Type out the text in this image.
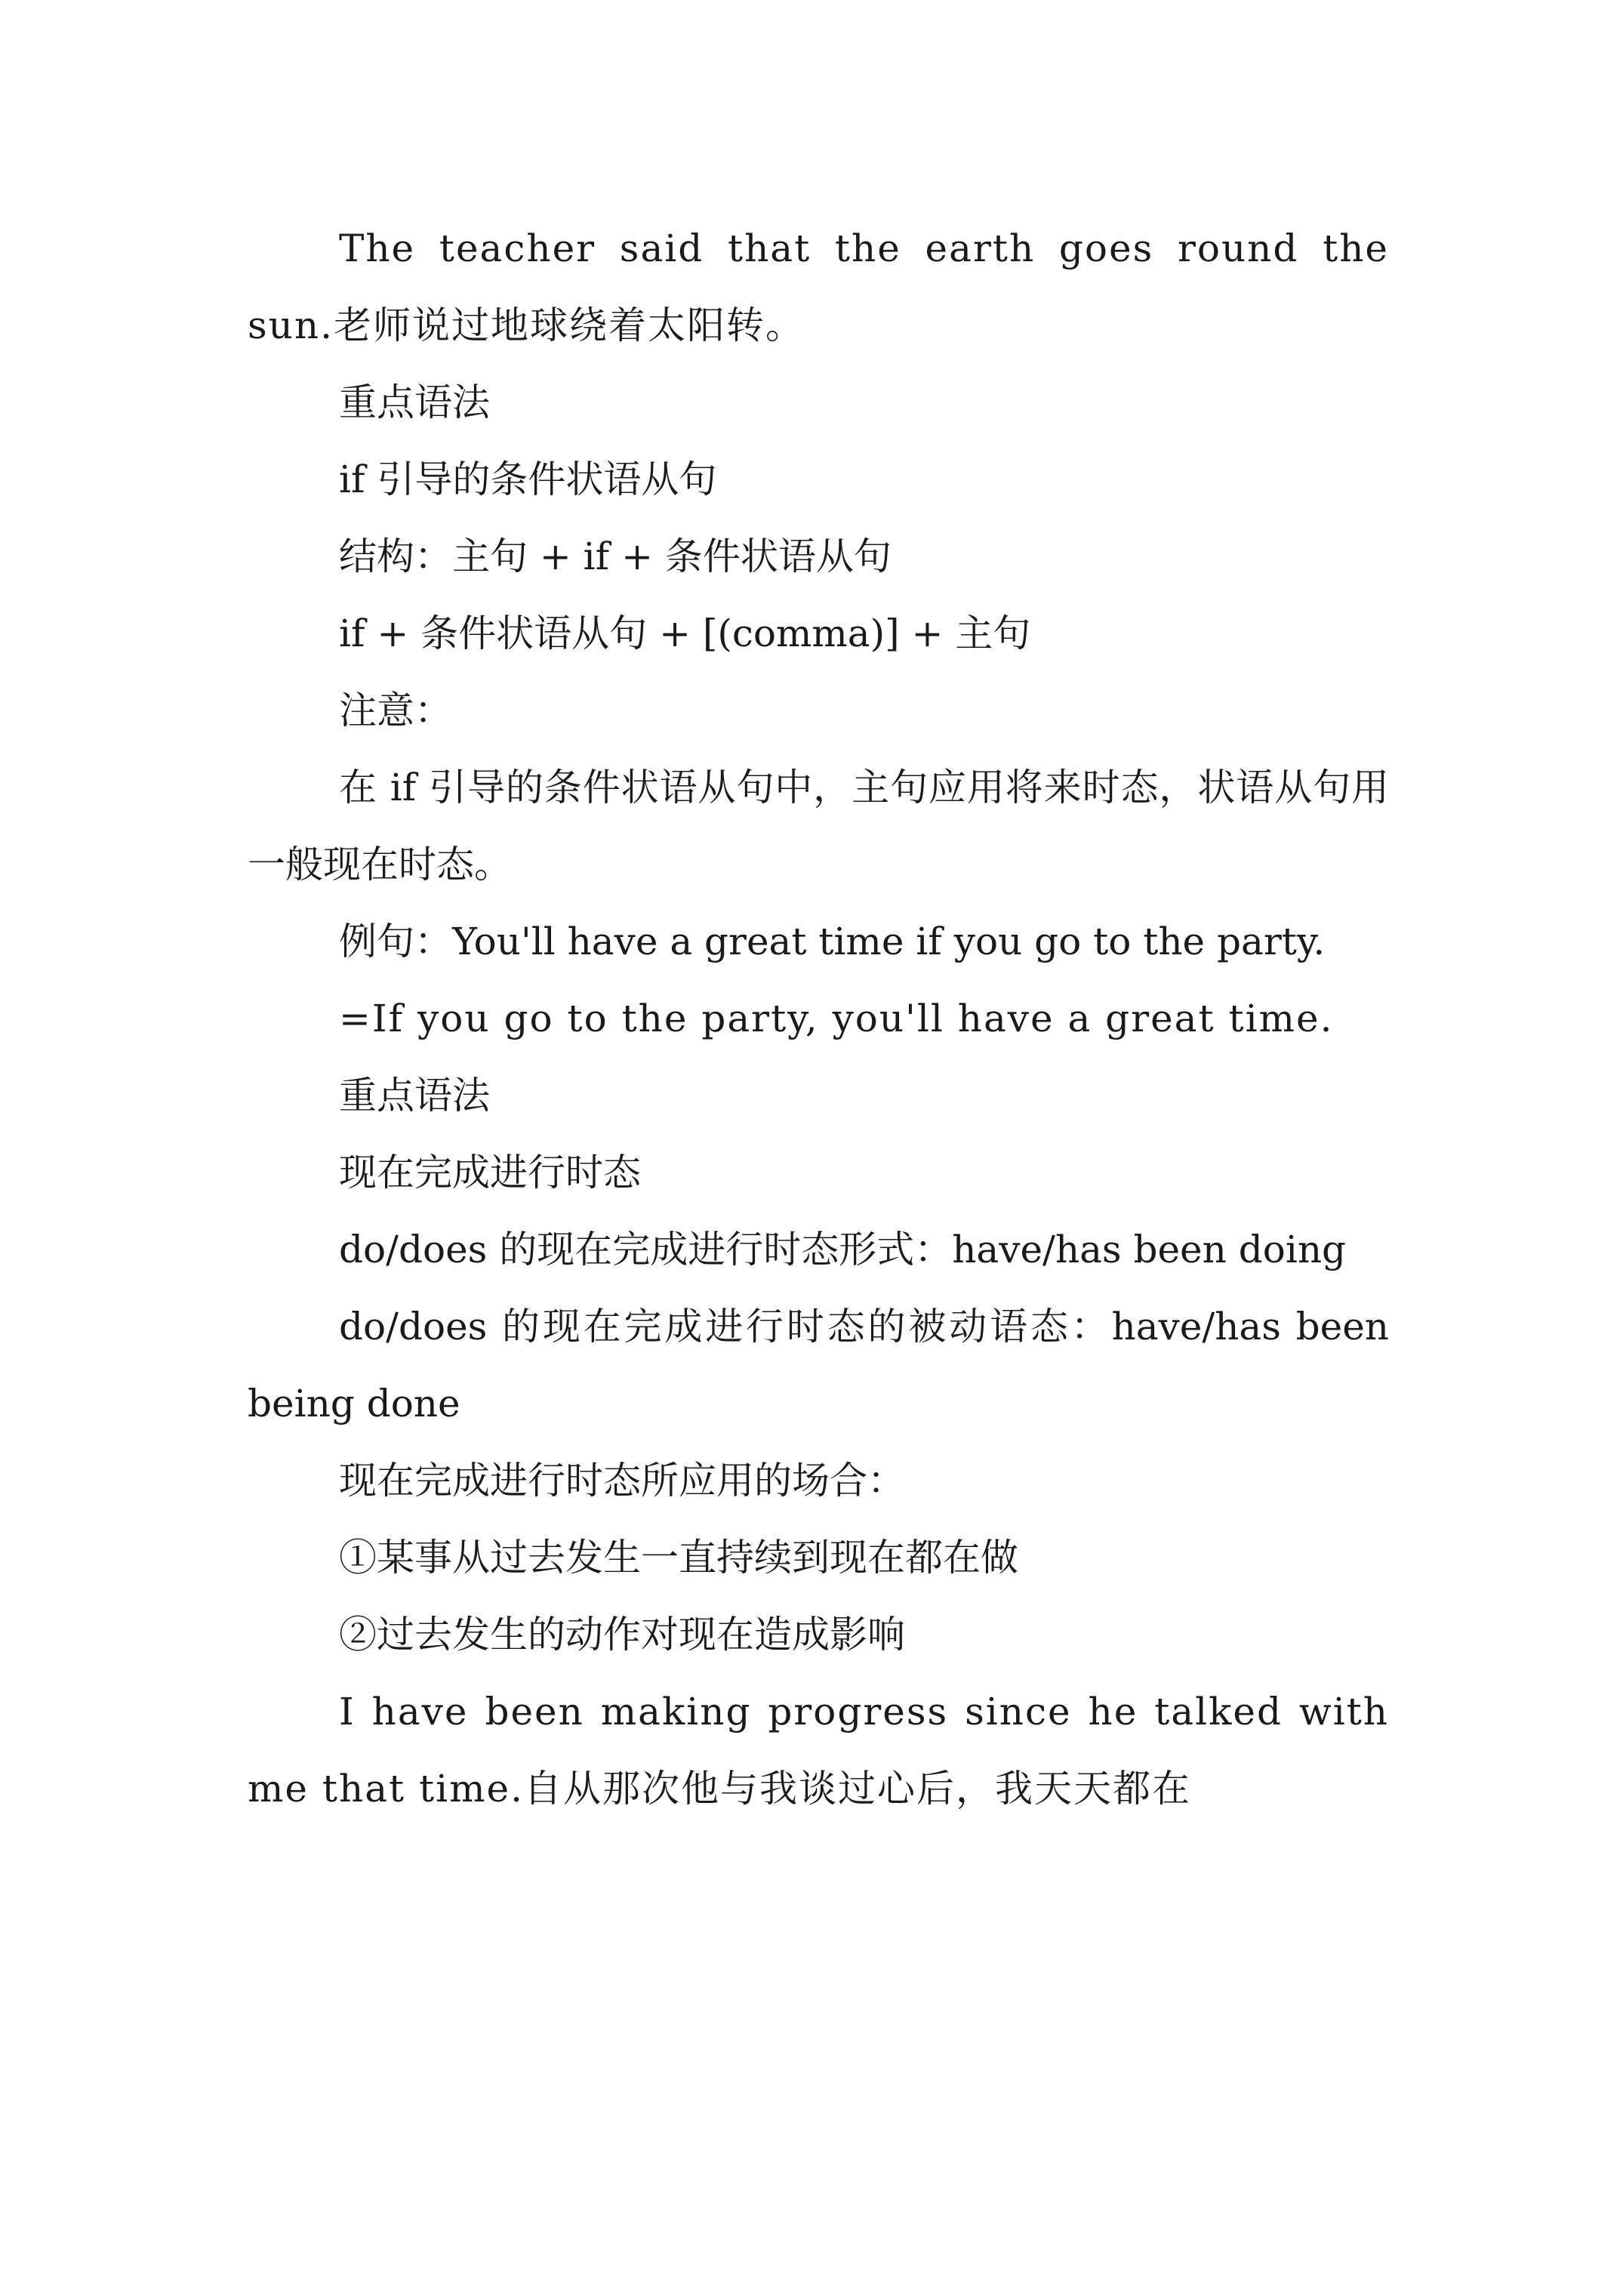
The teacher said that the earth goes round the sun.老师说过地球绕着太阳转。

重点语法

if 引导的条件状语从句

结构：主句 + if + 条件状语从句

if + 条件状语从句 + [(comma)] + 主句

注意：

在 if 引导的条件状语从句中，主句应用将来时态，状语从句用一般现在时态。

例句：You'll have a great time if you go to the party.

=If you go to the party, you'll have a great time.

重点语法

现在完成进行时态

do/does 的现在完成进行时态形式：have/has been doing

do/does 的现在完成进行时态的被动语态：have/has been being done

现在完成进行时态所应用的场合：

①某事从过去发生一直持续到现在都在做

②过去发生的动作对现在造成影响

I have been making progress since he talked with me that time.自从那次他与我谈过心后，我天天都在
